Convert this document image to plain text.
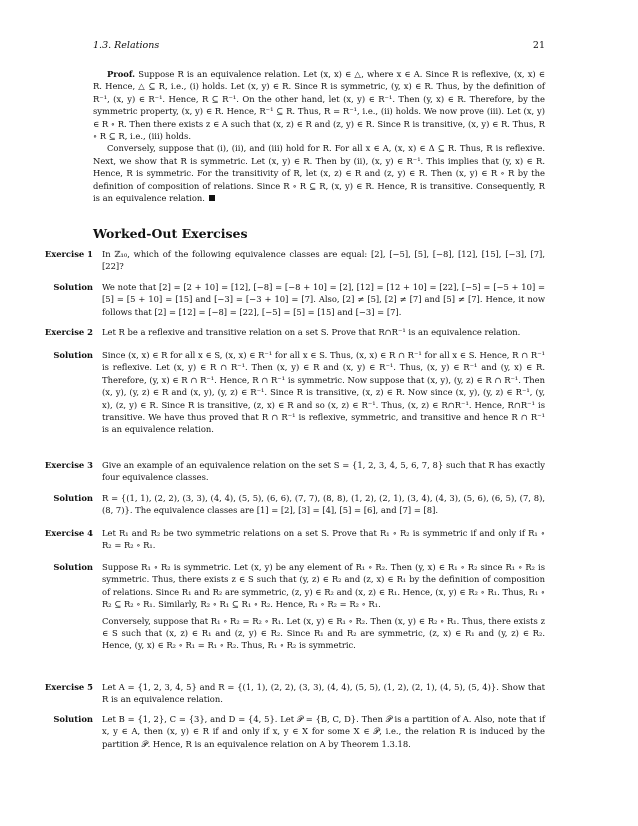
1.3. Relations	21

Proof. Suppose R is an equivalence relation. Let (x, x) ∈ △, where x ∈ A. Since R is reflexive, (x, x) ∈ R. Hence, △ ⊆ R, i.e., (i) holds. Let (x, y) ∈ R. Since R is symmetric, (y, x) ∈ R. Thus, by the definition of R⁻¹, (x, y) ∈ R⁻¹. Hence, R ⊆ R⁻¹. On the other hand, let (x, y) ∈ R⁻¹. Then (y, x) ∈ R. Therefore, by the symmetric property, (x, y) ∈ R. Hence, R⁻¹ ⊆ R. Thus, R = R⁻¹, i.e., (ii) holds. We now prove (iii). Let (x, y) ∈ R ∘ R. Then there exists z ∈ A such that (x, z) ∈ R and (z, y) ∈ R. Since R is transitive, (x, y) ∈ R. Thus, R ∘ R ⊆ R, i.e., (iii) holds.

Conversely, suppose that (i), (ii), and (iii) hold for R. For all x ∈ A, (x, x) ∈ Δ ⊆ R. Thus, R is reflexive. Next, we show that R is symmetric. Let (x, y) ∈ R. Then by (ii), (x, y) ∈ R⁻¹. This implies that (y, x) ∈ R. Hence, R is symmetric. For the transitivity of R, let (x, z) ∈ R and (z, y) ∈ R. Then (x, y) ∈ R ∘ R by the definition of composition of relations. Since R ∘ R ⊆ R, (x, y) ∈ R. Hence, R is transitive. Consequently, R is an equivalence relation.

Worked-Out Exercises
Exercise 1 In ℤ₁₀, which of the following equivalence classes are equal: [2], [−5], [5], [−8], [12], [15], [−3], [7], [22]?

Solution We note that [2] = [2 + 10] = [12], [−8] = [−8 + 10] = [2], [12] = [12 + 10] = [22], [−5] = [−5 + 10] = [5] = [5 + 10] = [15] and [−3] = [−3 + 10] = [7]. Also, [2] ≠ [5], [2] ≠ [7] and [5] ≠ [7]. Hence, it now follows that [2] = [12] = [−8] = [22], [−5] = [5] = [15] and [−3] = [7].

Exercise 2 Let R be a reflexive and transitive relation on a set S. Prove that R∩R⁻¹ is an equivalence relation.

Solution Since (x, x) ∈ R for all x ∈ S, (x, x) ∈ R⁻¹ for all x ∈ S. Thus, (x, x) ∈ R ∩ R⁻¹ for all x ∈ S. Hence, R ∩ R⁻¹ is reflexive. Let (x, y) ∈ R ∩ R⁻¹. Then (x, y) ∈ R and (x, y) ∈ R⁻¹. Thus, (x, y) ∈ R⁻¹ and (y, x) ∈ R. Therefore, (y, x) ∈ R ∩ R⁻¹. Hence, R ∩ R⁻¹ is symmetric. Now suppose that (x, y), (y, z) ∈ R ∩ R⁻¹. Then (x, y), (y, z) ∈ R and (x, y), (y, z) ∈ R⁻¹. Since R is transitive, (x, z) ∈ R. Now since (x, y), (y, z) ∈ R⁻¹, (y, x), (z, y) ∈ R. Since R is transitive, (z, x) ∈ R and so (x, z) ∈ R⁻¹. Thus, (x, z) ∈ R∩R⁻¹. Hence, R∩R⁻¹ is transitive. We have thus proved that R ∩ R⁻¹ is reflexive, symmetric, and transitive and hence R ∩ R⁻¹ is an equivalence relation.

Exercise 3 Give an example of an equivalence relation on the set S = {1, 2, 3, 4, 5, 6, 7, 8} such that R has exactly four equivalence classes.

Solution R = {(1, 1), (2, 2), (3, 3), (4, 4), (5, 5), (6, 6), (7, 7), (8, 8), (1, 2), (2, 1), (3, 4), (4, 3), (5, 6), (6, 5), (7, 8), (8, 7)}. The equivalence classes are [1] = [2], [3] = [4], [5] = [6], and [7] = [8].

Exercise 4 Let R₁ and R₂ be two symmetric relations on a set S. Prove that R₁ ∘ R₂ is symmetric if and only if R₁ ∘ R₂ = R₂ ∘ R₁.

Solution Suppose R₁ ∘ R₂ is symmetric. Let (x, y) be any element of R₁ ∘ R₂. Then (y, x) ∈ R₁ ∘ R₂ since R₁ ∘ R₂ is symmetric. Thus, there exists z ∈ S such that (y, z) ∈ R₂ and (z, x) ∈ R₁ by the definition of composition of relations. Since R₁ and R₂ are symmetric, (z, y) ∈ R₂ and (x, z) ∈ R₁. Hence, (x, y) ∈ R₂ ∘ R₁. Thus, R₁ ∘ R₂ ⊆ R₂ ∘ R₁. Similarly, R₂ ∘ R₁ ⊆ R₁ ∘ R₂. Hence, R₁ ∘ R₂ = R₂ ∘ R₁.

Conversely, suppose that R₁ ∘ R₂ = R₂ ∘ R₁. Let (x, y) ∈ R₁ ∘ R₂. Then (x, y) ∈ R₂ ∘ R₁. Thus, there exists z ∈ S such that (x, z) ∈ R₁ and (z, y) ∈ R₂. Since R₁ and R₂ are symmetric, (z, x) ∈ R₁ and (y, z) ∈ R₂. Hence, (y, x) ∈ R₂ ∘ R₁ = R₁ ∘ R₂. Thus, R₁ ∘ R₂ is symmetric.

Exercise 5 Let A = {1, 2, 3, 4, 5} and R = {(1, 1), (2, 2), (3, 3), (4, 4), (5, 5), (1, 2), (2, 1), (4, 5), (5, 4)}. Show that R is an equivalence relation.

Solution Let B = {1, 2}, C = {3}, and D = {4, 5}. Let 𝒫 = {B, C, D}. Then 𝒫 is a partition of A. Also, note that if x, y ∈ A, then (x, y) ∈ R if and only if x, y ∈ X for some X ∈ 𝒫, i.e., the relation R is induced by the partition 𝒫. Hence, R is an equivalence relation on A by Theorem 1.3.18.
